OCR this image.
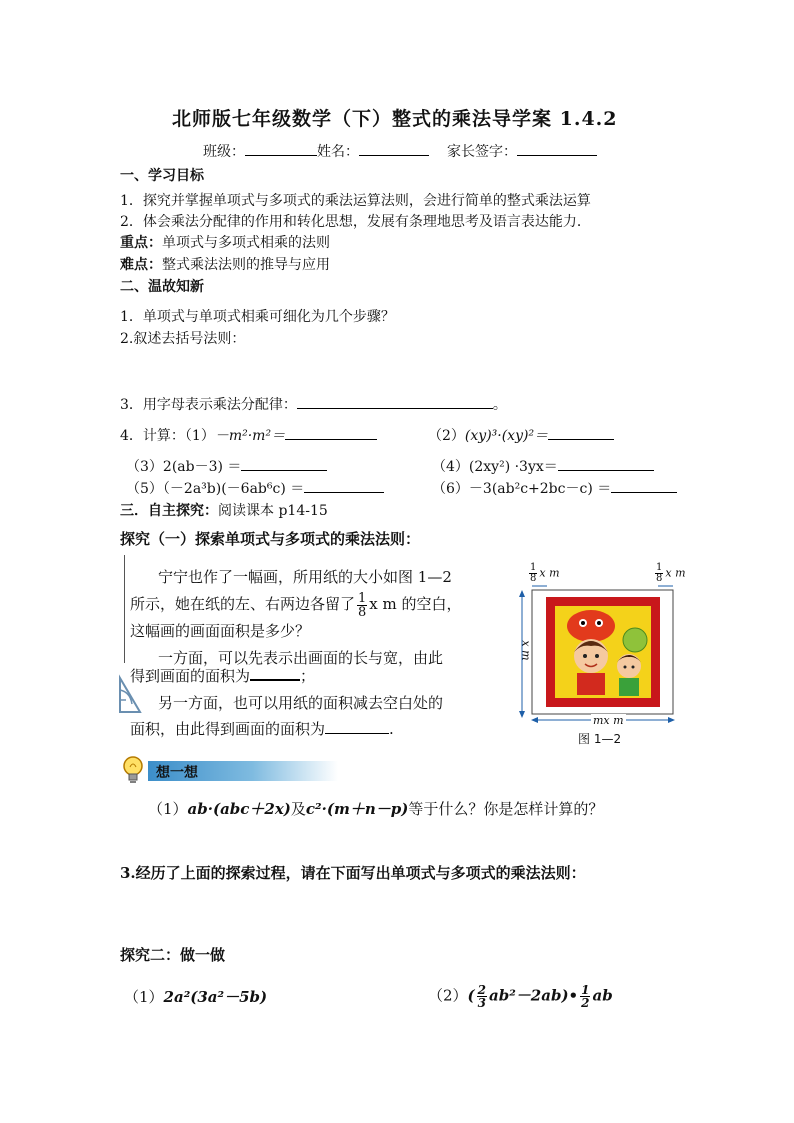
北师版七年级数学（下）整式的乘法导学案 1.4.2
班级：	姓名：	家长签字：
一、学习目标
1．探究并掌握单项式与多项式的乘法运算法则，会进行简单的整式乘法运算
2．体会乘法分配律的作用和转化思想，发展有条理地思考及语言表达能力．
重点：单项式与多项式相乘的法则
难点：整式乘法法则的推导与应用
二、温故知新
1．单项式与单项式相乘可细化为几个步骤？
2.叙述去括号法则：
3．用字母表示乘法分配律：	。
4．计算：（1）－m²·m²＝	（2）(xy)³·(xy)²＝
（3）2(ab－3) ＝	（4）(2xy²) ·3yx＝
（5）（－2a³b)(－6ab⁶c) ＝	（6）－3(ab²c+2bc－c) ＝
三．自主探究：阅读课本 p14-15
探究（一）探索单项式与多项式的乘法法则：
宁宁也作了一幅画，所用纸的大小如图 1—2
所示，她在纸的左、右两边各留了 $\frac{1}{8}$ x m 的空白，
这幅画的画面面积是多少？
一方面，可以先表示出画面的长与宽，由此
得到画面的面积为	；
另一方面，也可以用纸的面积减去空白处的
面积，由此得到画面的面积为	.
$\frac{1}{8}$ x m	$\frac{1}{8}$ x m
x m
mx m
图 1—2
想一想
（1）ab·(abc＋2x)及c²·(m＋n－p)等于什么？你是怎样计算的？
3.经历了上面的探索过程，请在下面写出单项式与多项式的乘法法则：
探究二：做一做
（1）2a²(3a²－5b)	$(2)( \frac{2}{3}$ ab²－2ab)• $\frac{1}{2}$ ab
